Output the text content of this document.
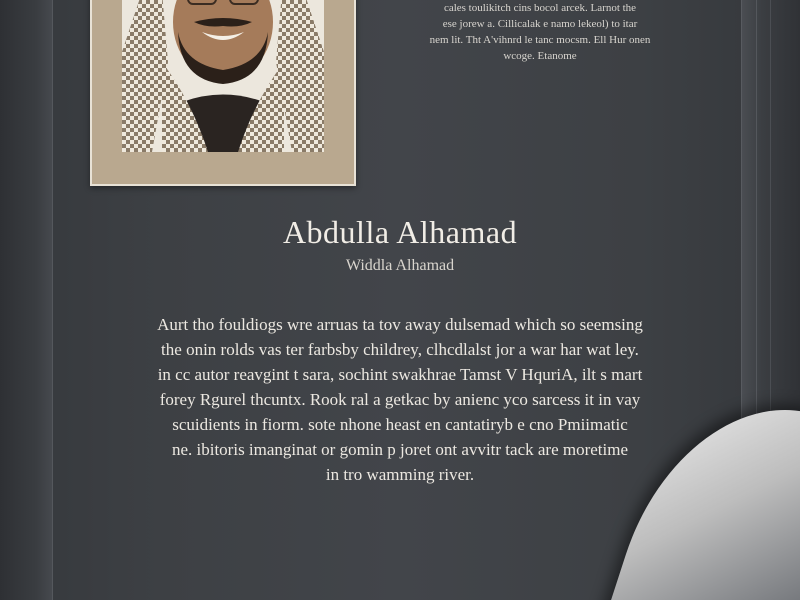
cales toulikitch cins bocol arcek. Larnot the
ese jorew a. Cillicalak e namo lekeol) to itar
nem lit. Tht A'vihnrd le tanc mocsm. Ell Hur onen
wcoge. Etanome
Abdulla Alhamad
Widdla Alhamad
Aurt tho fouldiogs wre arruas ta tov away dulsemad which so seemsing
the onin rolds vas ter farbsby childrey, clhcdlalst jor a war har wat ley.
in cc autor reavgint t sara, sochint swakhrae Tamst V HquriA, ilt s mart
forey Rgurel thcuntx. Rook ral a getkac by anienc yco sarcess it in vay
scuidients in fiorm. sote nhone heast en cantatiryb e cno Pmiimatic
ne. ibitoris imanginat or gomin p joret ont avvitr tack are moretime
in tro wamming river.
